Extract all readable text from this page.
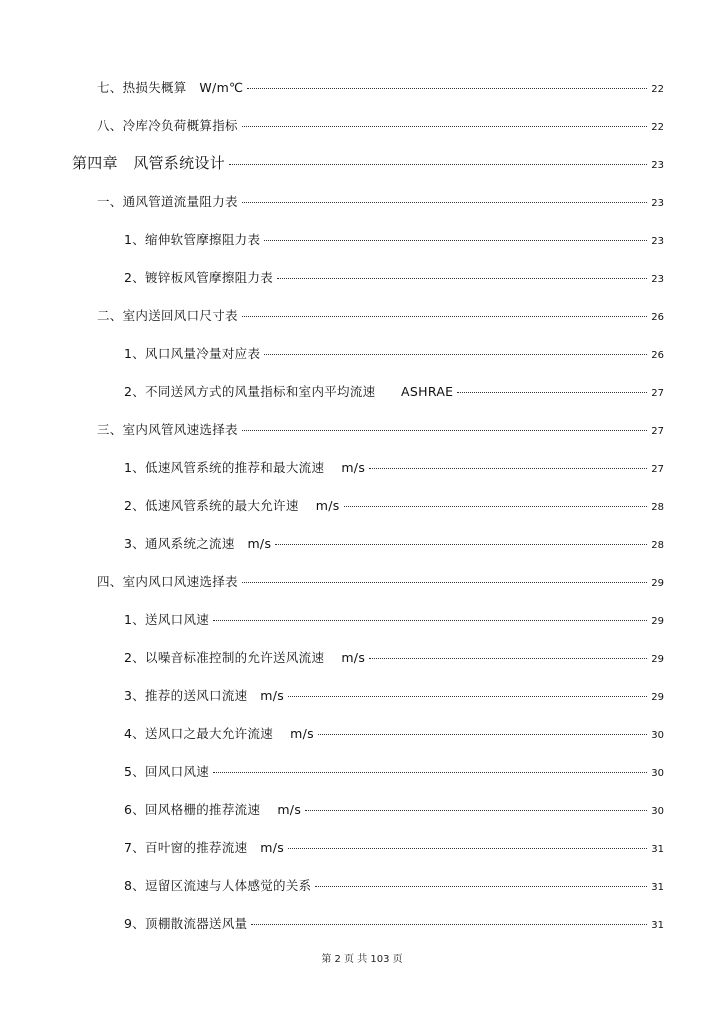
七、热损失概算　W/m℃	22
八、冷库冷负荷概算指标	22
第四章　风管系统设计	23
一、通风管道流量阻力表	23
1、缩伸软管摩擦阻力表	23
2、镀锌板风管摩擦阻力表	23
二、室内送回风口尺寸表	26
1、风口风量冷量对应表	26
2、不同送风方式的风量指标和室内平均流速　　ASHRAE	27
三、室内风管风速选择表	27
1、低速风管系统的推荐和最大流速　 m/s	27
2、低速风管系统的最大允许速　 m/s	28
3、通风系统之流速　m/s	28
四、室内风口风速选择表	29
1、送风口风速	29
2、以噪音标准控制的允许送风流速　 m/s	29
3、推荐的送风口流速　m/s	29
4、送风口之最大允许流速　 m/s	30
5、回风口风速	30
6、回风格栅的推荐流速　 m/s	30
7、百叶窗的推荐流速　m/s	31
8、逗留区流速与人体感觉的关系	31
9、顶棚散流器送风量	31
第 2 页 共 103 页
